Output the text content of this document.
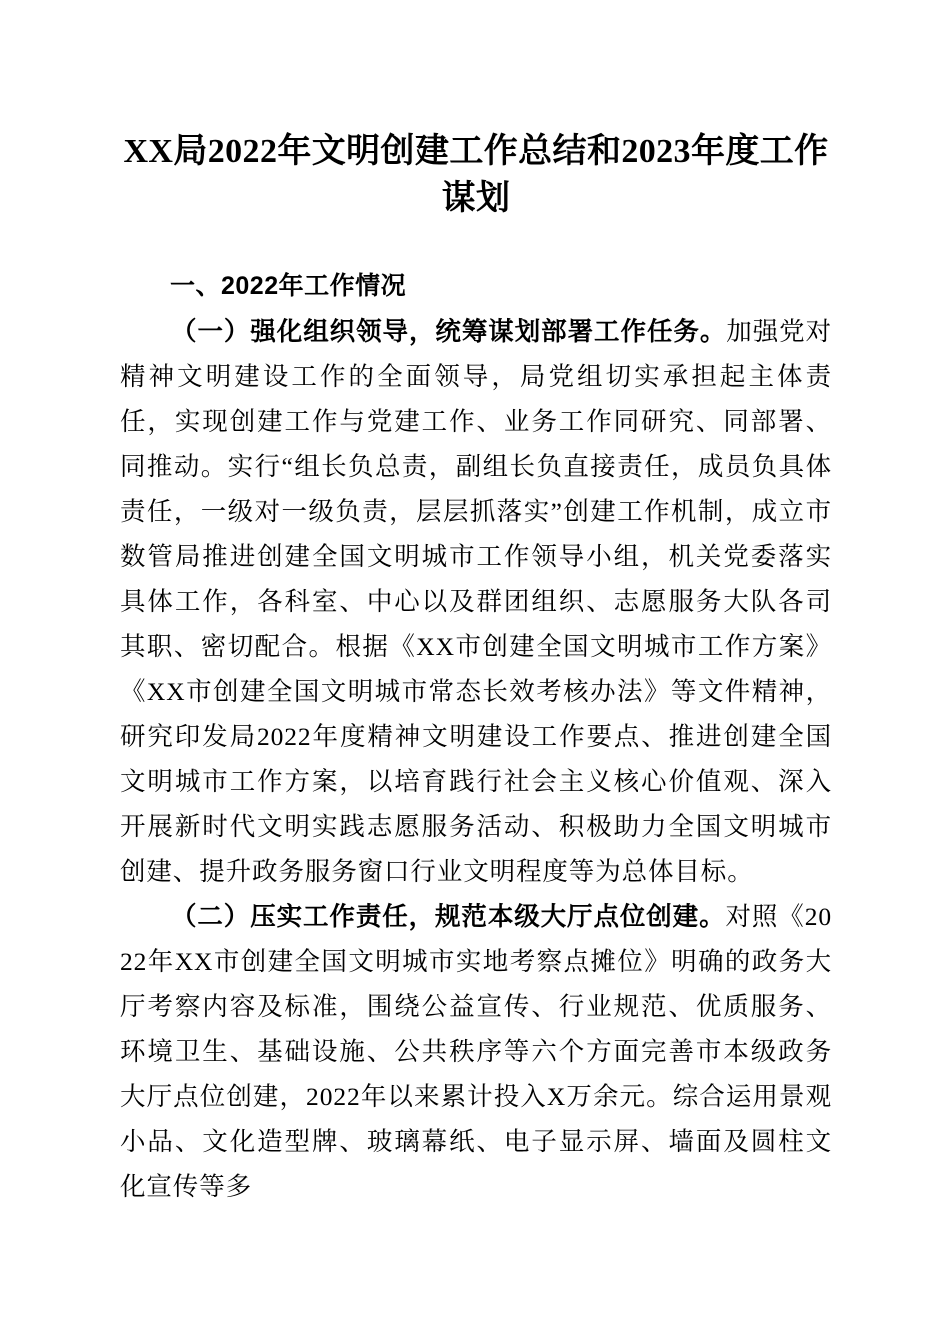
XX局2022年文明创建工作总结和2023年度工作谋划
一、2022年工作情况

（一）强化组织领导，统筹谋划部署工作任务。加强党对精神文明建设工作的全面领导，局党组切实承担起主体责任，实现创建工作与党建工作、业务工作同研究、同部署、同推动。实行“组长负总责，副组长负直接责任，成员负具体责任，一级对一级负责，层层抓落实”创建工作机制，成立市数管局推进创建全国文明城市工作领导小组，机关党委落实具体工作，各科室、中心以及群团组织、志愿服务大队各司其职、密切配合。根据《XX市创建全国文明城市工作方案》《XX市创建全国文明城市常态长效考核办法》等文件精神，研究印发局2022年度精神文明建设工作要点、推进创建全国文明城市工作方案，以培育践行社会主义核心价值观、深入开展新时代文明实践志愿服务活动、积极助力全国文明城市创建、提升政务服务窗口行业文明程度等为总体目标。

（二）压实工作责任，规范本级大厅点位创建。对照《2022年XX市创建全国文明城市实地考察点摊位》明确的政务大厅考察内容及标准，围绕公益宣传、行业规范、优质服务、环境卫生、基础设施、公共秩序等六个方面完善市本级政务大厅点位创建，2022年以来累计投入X万余元。综合运用景观小品、文化造型牌、玻璃幕纸、电子显示屏、墙面及圆柱文化宣传等多
